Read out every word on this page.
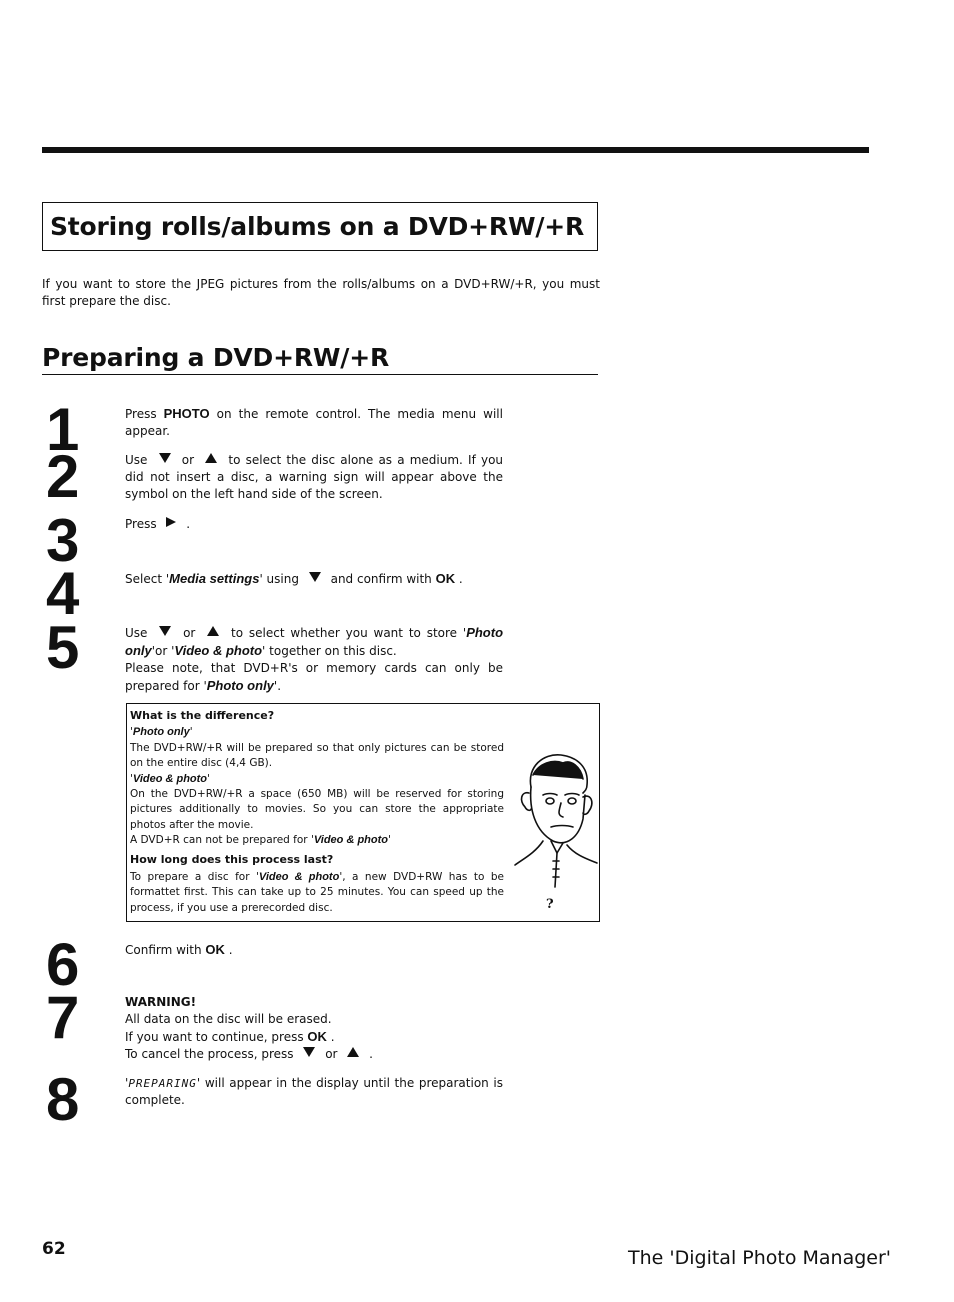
Storing rolls/albums on a DVD+RW/+R
If you want to store the JPEG pictures from the rolls/albums on a DVD+RW/+R, you must first prepare the disc.
Preparing a DVD+RW/+R
1
2
3
4
5
6
7
8
Press PHOTO on the remote control. The media menu will appear.
Use  or  to select the disc alone as a medium. If you did not insert a disc, a warning sign will appear above the symbol on the left hand side of the screen.
Press  .
Select 'Media settings' using  and confirm with OK .
Use  or  to select whether you want to store 'Photo only'or 'Video & photo' together on this disc.
Please note, that DVD+R's or memory cards can only be prepared for 'Photo only'.
What is the difference?
'Photo only'
The DVD+RW/+R will be prepared so that only pictures can be stored on the entire disc (4,4 GB).
'Video & photo'
On the DVD+RW/+R a space (650 MB) will be reserved for storing pictures additionally to movies. So you can store the appropriate photos after the movie.
A DVD+R can not be prepared for 'Video & photo'
How long does this process last?
To prepare a disc for 'Video & photo', a new DVD+RW has to be formattet first. This can take up to 25 minutes. You can speed up the process, if you use a prerecorded disc.	?
Confirm with OK .
WARNING!
All data on the disc will be erased.
If you want to continue, press OK .
To cancel the process, press  or  .
'PREPARING' will appear in the display until the preparation is complete.
62	The 'Digital Photo Manager'
